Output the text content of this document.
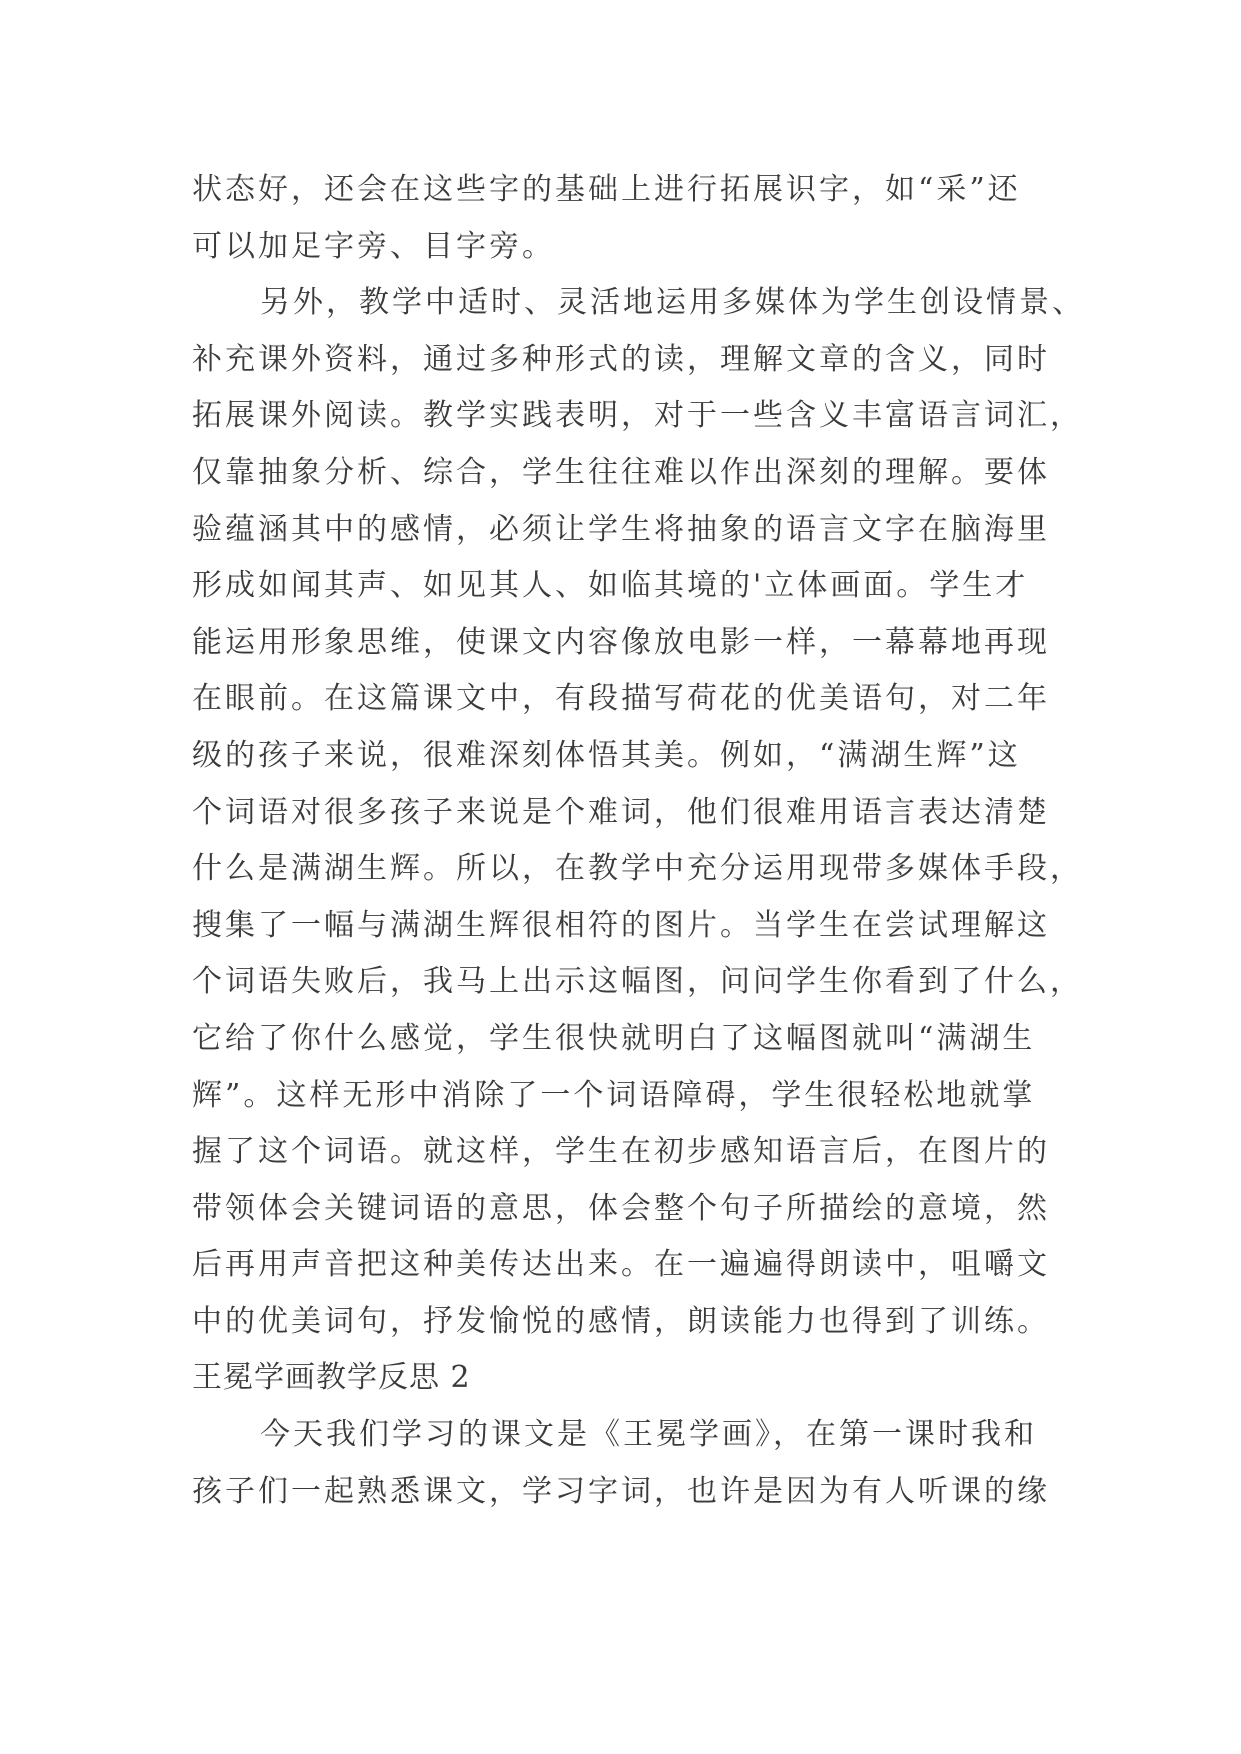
状态好，还会在这些字的基础上进行拓展识字，如“采”还
可以加足字旁、目字旁。
另外，教学中适时、灵活地运用多媒体为学生创设情景、
补充课外资料，通过多种形式的读，理解文章的含义，同时
拓展课外阅读。教学实践表明，对于一些含义丰富语言词汇，
仅靠抽象分析、综合，学生往往难以作出深刻的理解。要体
验蕴涵其中的感情，必须让学生将抽象的语言文字在脑海里
形成如闻其声、如见其人、如临其境的'立体画面。学生才
能运用形象思维，使课文内容像放电影一样，一幕幕地再现
在眼前。在这篇课文中，有段描写荷花的优美语句，对二年
级的孩子来说，很难深刻体悟其美。例如，“满湖生辉”这
个词语对很多孩子来说是个难词，他们很难用语言表达清楚
什么是满湖生辉。所以，在教学中充分运用现带多媒体手段，
搜集了一幅与满湖生辉很相符的图片。当学生在尝试理解这
个词语失败后，我马上出示这幅图，问问学生你看到了什么，
它给了你什么感觉，学生很快就明白了这幅图就叫“满湖生
辉”。这样无形中消除了一个词语障碍，学生很轻松地就掌
握了这个词语。就这样，学生在初步感知语言后，在图片的
带领体会关键词语的意思，体会整个句子所描绘的意境，然
后再用声音把这种美传达出来。在一遍遍得朗读中，咀嚼文
中的优美词句，抒发愉悦的感情，朗读能力也得到了训练。
王冕学画教学反思 2
今天我们学习的课文是《王冕学画》，在第一课时我和
孩子们一起熟悉课文，学习字词，也许是因为有人听课的缘
